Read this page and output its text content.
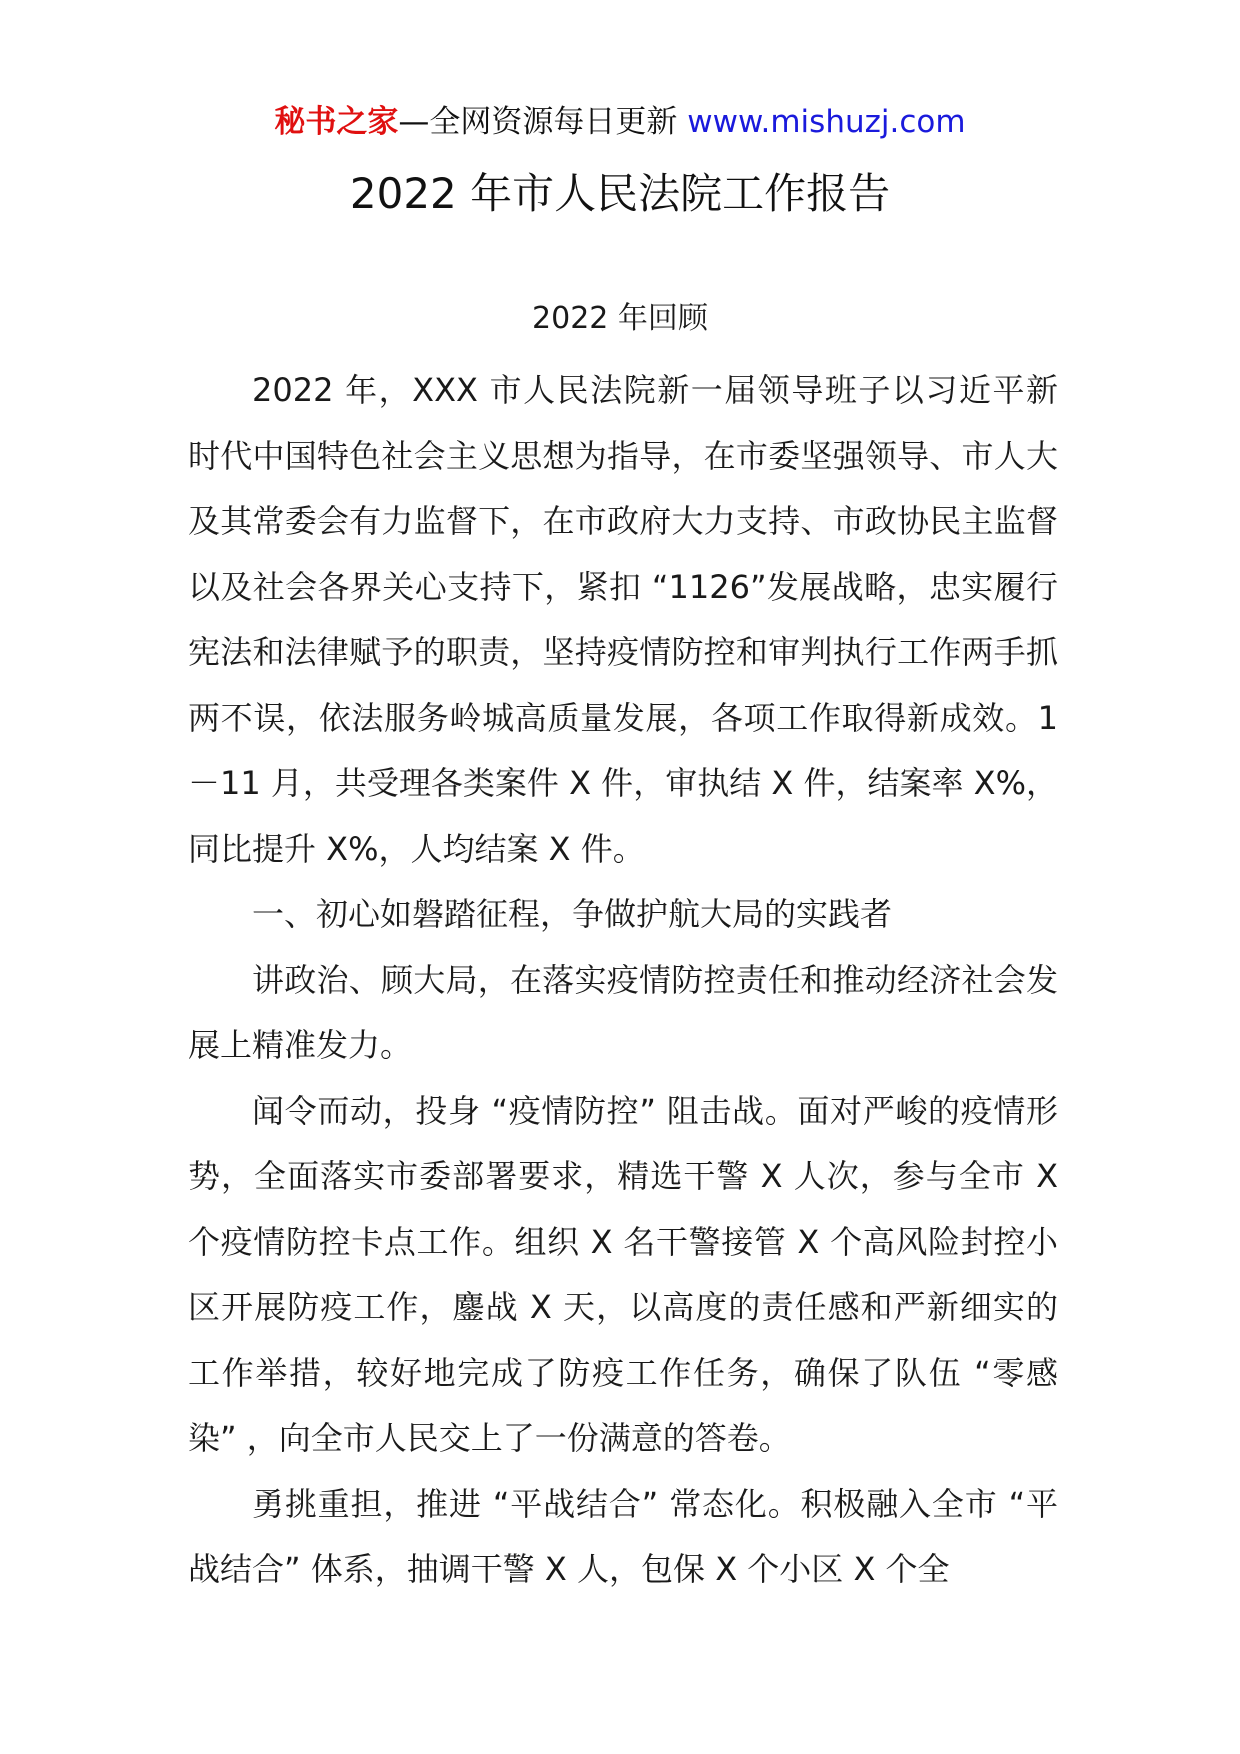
秘书之家—全网资源每日更新 www.mishuzj.com
2022 年市人民法院工作报告
2022 年回顾

2022 年，XXX 市人民法院新一届领导班子以习近平新时代中国特色社会主义思想为指导，在市委坚强领导、市人大及其常委会有力监督下，在市政府大力支持、市政协民主监督以及社会各界关心支持下，紧扣 “1126”发展战略，忠实履行宪法和法律赋予的职责，坚持疫情防控和审判执行工作两手抓两不误，依法服务岭城高质量发展，各项工作取得新成效。1－11 月，共受理各类案件 X 件，审执结 X 件，结案率 X%，同比提升 X%，人均结案 X 件。

一、初心如磐踏征程，争做护航大局的实践者

讲政治、顾大局，在落实疫情防控责任和推动经济社会发展上精准发力。

闻令而动，投身 “疫情防控” 阻击战。面对严峻的疫情形势，全面落实市委部署要求，精选干警 X 人次，参与全市 X 个疫情防控卡点工作。组织 X 名干警接管 X 个高风险封控小区开展防疫工作，鏖战 X 天，以高度的责任感和严新细实的工作举措，较好地完成了防疫工作任务，确保了队伍 “零感染” ，向全市人民交上了一份满意的答卷。

勇挑重担，推进 “平战结合” 常态化。积极融入全市 “平战结合” 体系，抽调干警 X 人，包保 X 个小区 X 个全
